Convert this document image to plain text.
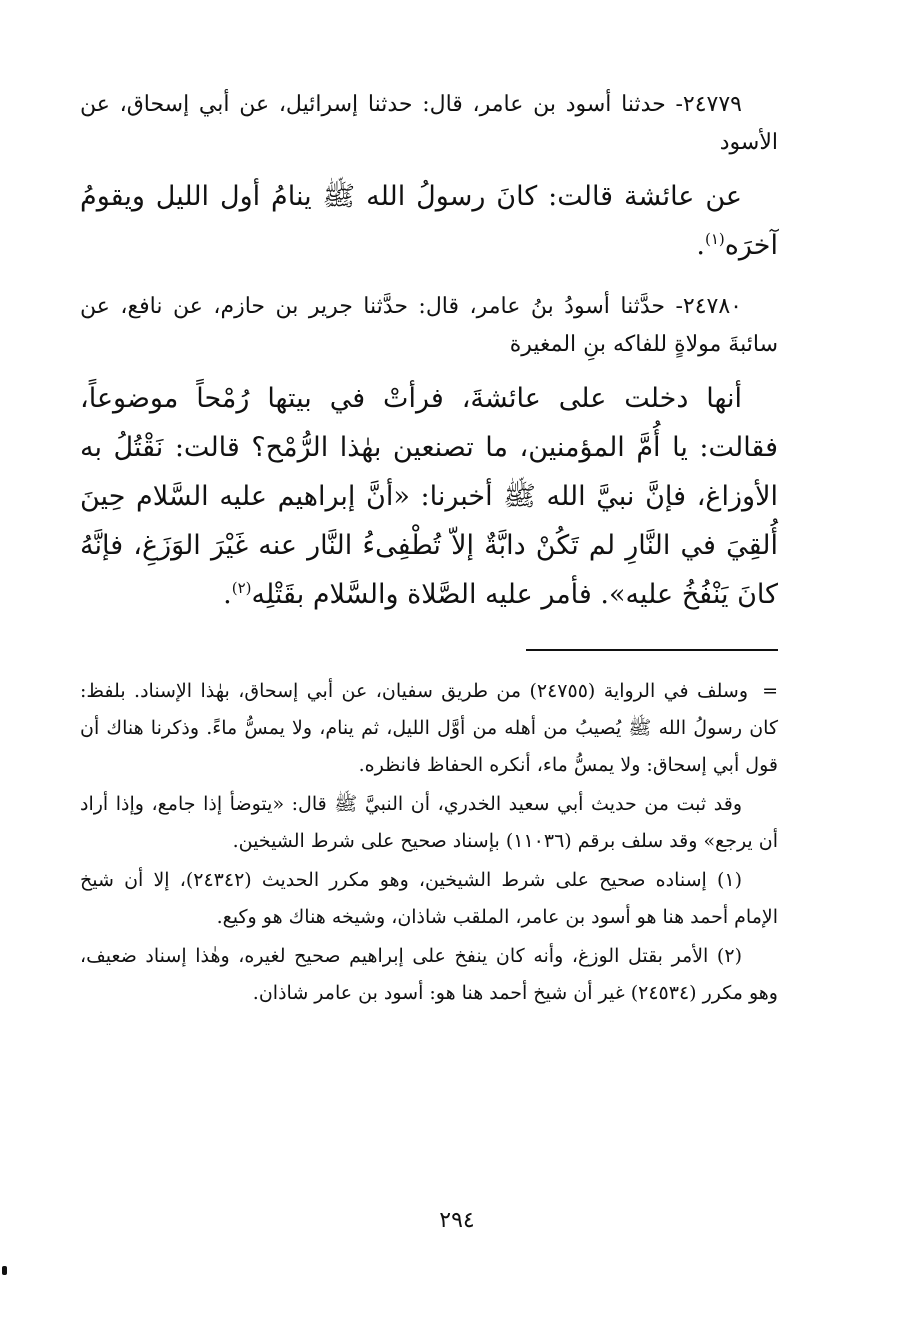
٢٤٧٧٩- حدثنا أسود بن عامر، قال: حدثنا إسرائيل، عن أبي إسحاق، عن الأسود

عن عائشة قالت: كانَ رسولُ الله ﷺ ينامُ أول الليل ويقومُ آخرَه$^{(١)}$.

٢٤٧٨٠- حدَّثنا أسودُ بنُ عامر، قال: حدَّثنا جرير بن حازم، عن نافع، عن سائبةَ مولاةٍ للفاكه بنِ المغيرة

أنها دخلت على عائشةَ، فرأتْ في بيتها رُمْحاً موضوعاً، فقالت: يا أُمَّ المؤمنين، ما تصنعين بهٰذا الرُّمْح؟ قالت: نَقْتُلُ به الأوزاغ، فإنَّ نبيَّ الله ﷺ أخبرنا: «أنَّ إبراهيم عليه السَّلام حِينَ أُلقِيَ في النَّارِ لم تَكُنْ دابَّةٌ إلاّ تُطْفِىءُ النَّار عنه غَيْرَ الوَزَغِ، فإنَّهُ كانَ يَنْفُخُ عليه». فأمر عليه الصَّلاة والسَّلام بقَتْلِه$^{(٢)}$.

=وسلف في الرواية (٢٤٧٥٥) من طريق سفيان، عن أبي إسحاق، بهٰذا الإسناد. بلفظ: كان رسولُ الله ﷺ يُصيبُ من أهله من أوَّل الليل، ثم ينام، ولا يمسُّ ماءً. وذكرنا هناك أن قول أبي إسحاق: ولا يمسُّ ماء، أنكره الحفاظ فانظره.

وقد ثبت من حديث أبي سعيد الخدري، أن النبيَّ ﷺ قال: «يتوضأ إذا جامع، وإذا أراد أن يرجع» وقد سلف برقم (١١٠٣٦) بإسناد صحيح على شرط الشيخين.

(١) إسناده صحيح على شرط الشيخين، وهو مكرر الحديث (٢٤٣٤٢)، إلا أن شيخ الإمام أحمد هنا هو أسود بن عامر، الملقب شاذان، وشيخه هناك هو وكيع.

(٢) الأمر بقتل الوزغ، وأنه كان ينفخ على إبراهيم صحيح لغيره، وهٰذا إسناد ضعيف، وهو مكرر (٢٤٥٣٤) غير أن شيخ أحمد هنا هو: أسود بن عامر شاذان.

٢٩٤
